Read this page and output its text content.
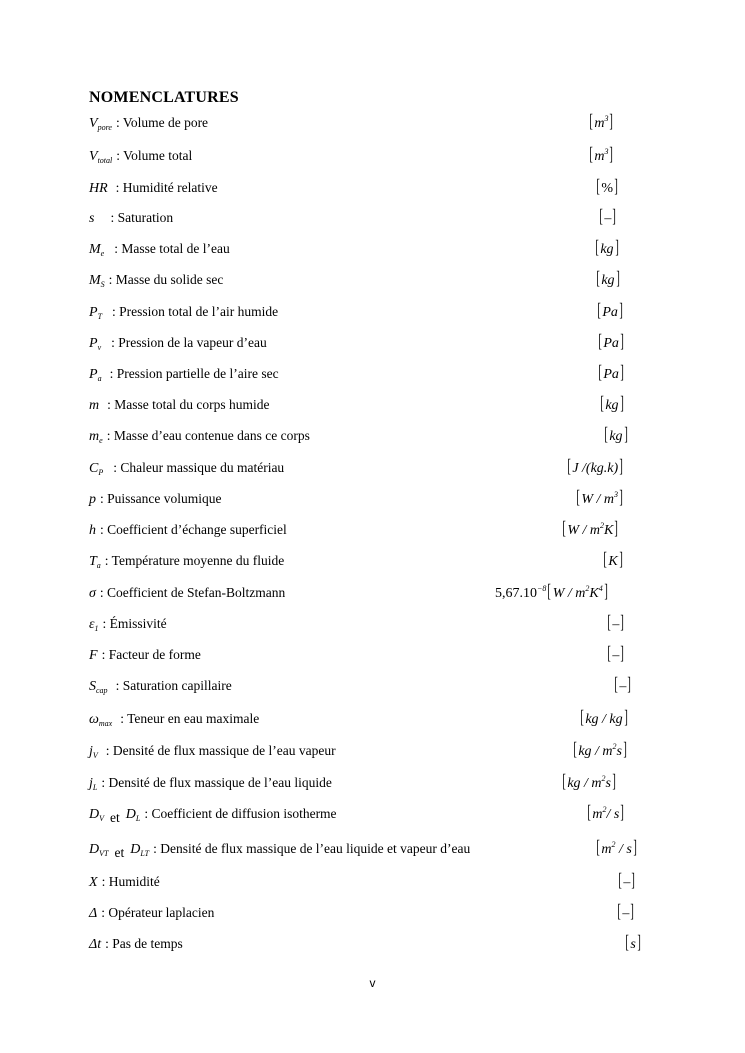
NOMENCLATURES
$V_{pore}$ : Volume de pore	$[m^3]$
$V_{total}$ : Volume total	$[m^3]$
HR : Humidité relative	[%]
s : Saturation	[–]
$M_e$ : Masse total de l’eau	[kg]
$M_S$ : Masse du solide sec	[kg]
$P_T$ : Pression total de l’air humide	[Pa]
$P_v$ : Pression de la vapeur d’eau	[Pa]
$P_a$ : Pression partielle de l’aire sec	[Pa]
m : Masse total du corps humide	[kg]
$m_e$ : Masse d’eau contenue dans ce corps	[kg]
$C_P$ : Chaleur massique du matériau	[J /(kg.k)]
p : Puissance volumique	$[W / m^3]$
h : Coefficient d’échange superficiel	$[W / m^2K]$
$T_a$ : Température moyenne du fluide	[K]
σ : Coefficient de Stefan-Boltzmann	$5,67.10^{-8}[W / m^2K^4]$
$\varepsilon_1$ : Émissivité	[–]
F : Facteur de forme	[–]
$S_{cap}$ : Saturation capillaire	[–]
$\omega_{max}$ : Teneur en eau maximale	[kg / kg]
$j_V$ : Densité de flux massique de l’eau vapeur	$[kg / m^2s]$
$j_L$ : Densité de flux massique de l’eau liquide	$[kg / m^2s]$
$D_V$ et $D_L$ : Coefficient de diffusion isotherme	[$m^2/$ s]
$D_{VT}$ et $D_{LT}$ : Densité de flux massique de l’eau liquide et vapeur d’eau	$[m^2 / s]$
X : Humidité	[–]
Δ : Opérateur laplacien	[–]
Δt : Pas de temps	[s]
v
